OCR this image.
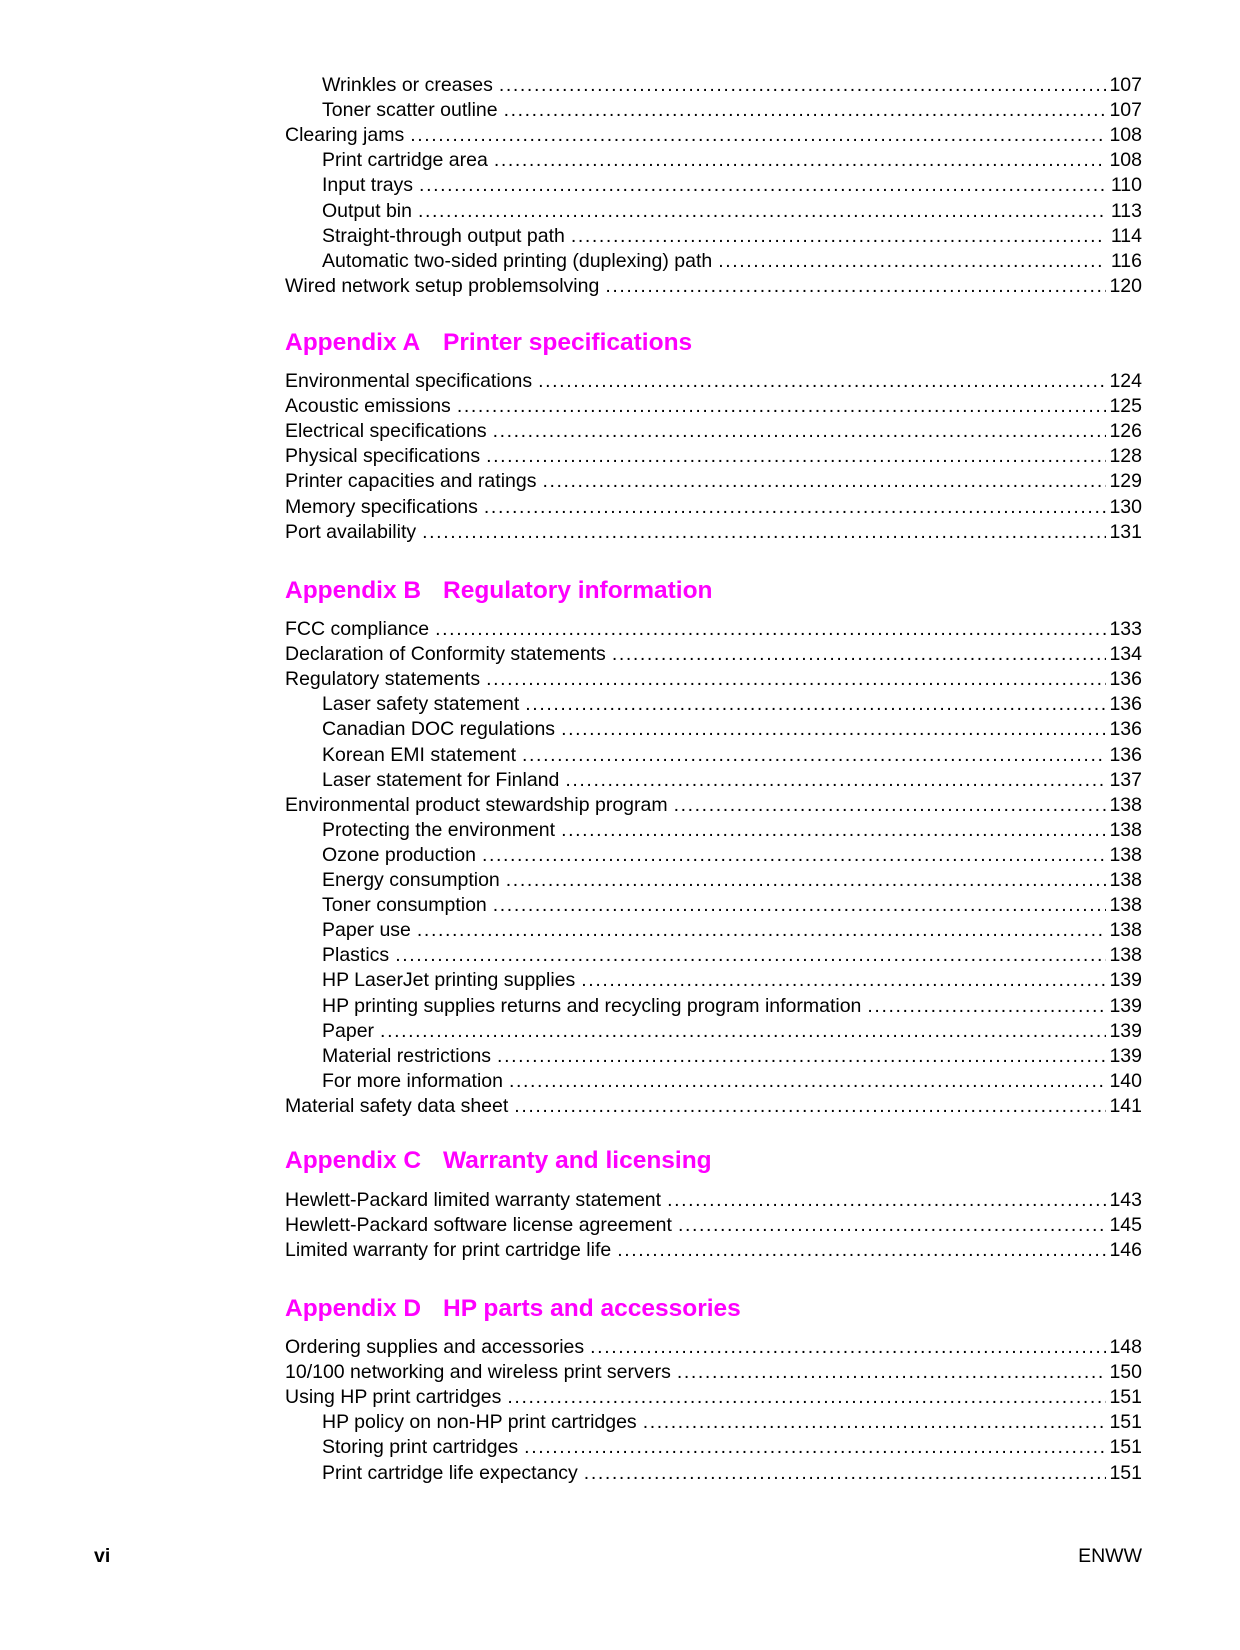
Wrinkles or creases .....	107
Toner scatter outline .....	107
Clearing jams .....	108
Print cartridge area .....	108
Input trays .....	110
Output bin .....	113
Straight-through output path .....	114
Automatic two-sided printing (duplexing) path .....	116
Wired network setup problemsolving .....	120
Appendix A Printer specifications
Environmental specifications .....	124
Acoustic emissions .....	125
Electrical specifications .....	126
Physical specifications .....	128
Printer capacities and ratings .....	129
Memory specifications .....	130
Port availability .....	131
Appendix B Regulatory information
FCC compliance .....	133
Declaration of Conformity statements .....	134
Regulatory statements .....	136
Laser safety statement .....	136
Canadian DOC regulations .....	136
Korean EMI statement .....	136
Laser statement for Finland .....	137
Environmental product stewardship program .....	138
Protecting the environment .....	138
Ozone production .....	138
Energy consumption .....	138
Toner consumption .....	138
Paper use .....	138
Plastics .....	138
HP LaserJet printing supplies .....	139
HP printing supplies returns and recycling program information .....	139
Paper .....	139
Material restrictions .....	139
For more information .....	140
Material safety data sheet .....	141
Appendix C Warranty and licensing
Hewlett-Packard limited warranty statement .....	143
Hewlett-Packard software license agreement .....	145
Limited warranty for print cartridge life .....	146
Appendix D HP parts and accessories
Ordering supplies and accessories .....	148
10/100 networking and wireless print servers .....	150
Using HP print cartridges .....	151
HP policy on non-HP print cartridges .....	151
Storing print cartridges .....	151
Print cartridge life expectancy .....	151
vi	ENWW
